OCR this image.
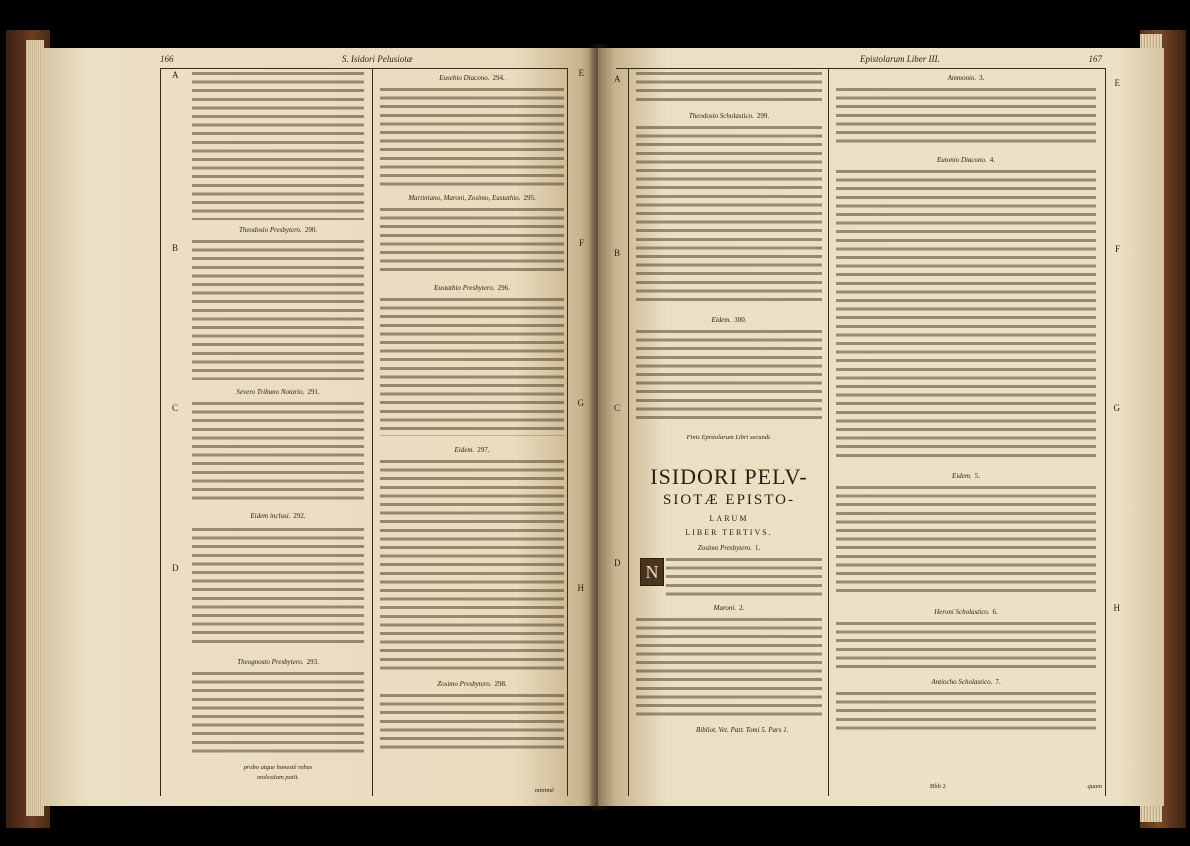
166	S. Isidori Pelusiotæ
A
B
C
D
E
F
G
H
Theodosio Presbytero. 290.
Severo Tribuno Notario. 291.
Eidem inclusi. 292.
Theognosto Presbytero. 293.
probo atque honestè rebus
molestiam patit.
Eusebio Diacono. 294.
Martiniano, Maroni, Zosimo, Eustathio. 295.
Eustathio Presbytero. 296.
Eidem. 297.
Zosimo Presbytero. 298.
minimè
Epistolarum Liber III.	167
A
B
C
D
E
F
G
H
Theodosio Scholastico. 299.
Eidem. 300.
Finis Epistolarum Libri secundi.
ISIDORI PELV-
SIOTÆ EPISTO-
LARUM
LIBER TERTIVS.
Zosimo Presbytero. 1.
N
Maroni. 2.
Bibliot. Vet. Patr. Tomi 5. Pars 1.
Ammonio. 3.
Eutonio Diacono. 4.
Eidem. 5.
Heroni Scholastico. 6.
Antiocho Scholastico. 7.
Bbb 2	quam
